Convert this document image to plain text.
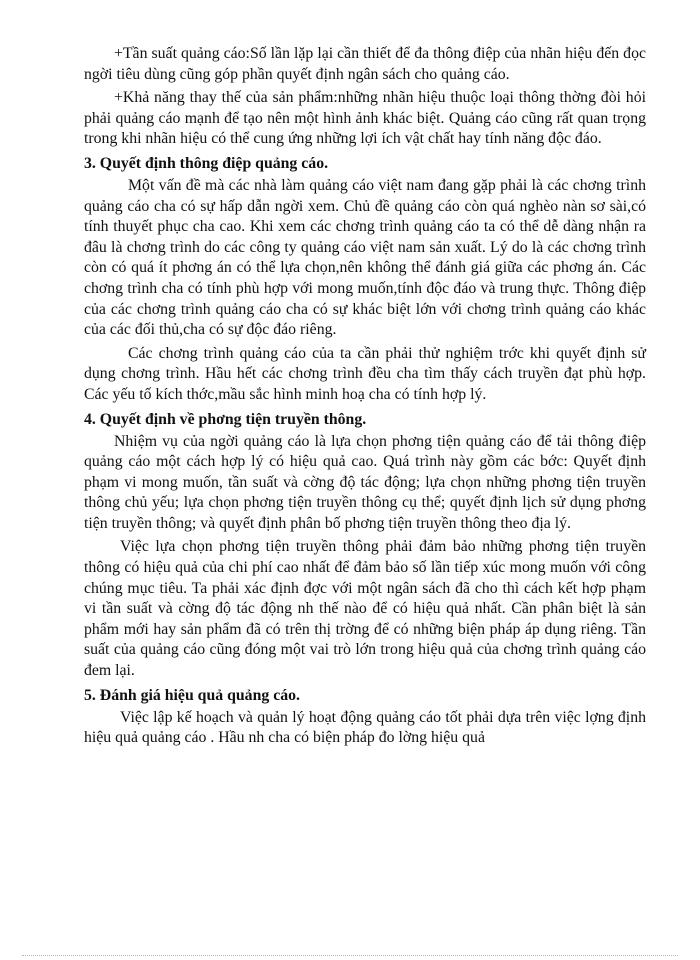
+Tần suất quảng cáo:Số lần lặp lại cần thiết để đa thông điệp của nhãn hiệu đến đọc ngời tiêu dùng cũng góp phần quyết định ngân sách cho quảng cáo.

+Khả năng thay thế của sản phẩm:những nhãn hiệu thuộc loại thông thờng đòi hỏi phải quảng cáo mạnh để tạo nên một hình ảnh khác biệt. Quảng cáo cũng rất quan trọng trong khi nhãn hiệu có thể cung ứng những lợi ích vật chất hay tính năng độc đáo.

3. Quyết định thông điệp quảng cáo.

Một vấn đề mà các nhà làm quảng cáo việt nam đang gặp phải là các chơng trình quảng cáo cha có sự hấp dẫn ngời xem. Chủ đề quảng cáo còn quá nghèo nàn sơ sài,có tính thuyết phục cha cao. Khi xem các chơng trình quảng cáo ta có thể dễ dàng nhận ra đâu là chơng trình do các công ty quảng cáo việt nam sản xuất. Lý do là các chơng trình còn có quá ít phơng án có thể lựa chọn,nên không thể đánh giá giữa các phơng án. Các chơng trình cha có tính phù hợp với mong muốn,tính độc đáo và trung thực. Thông điệp của các chơng trình quảng cáo cha có sự khác biệt lớn với chơng trình quảng cáo khác của các đối thủ,cha có sự độc đáo riêng.

Các chơng trình quảng cáo của ta cần phải thử nghiệm trớc khi quyết định sử dụng chơng trình. Hầu hết các chơng trình đều cha tìm thấy cách truyền đạt phù hợp. Các yếu tố kích thớc,mầu sắc hình minh hoạ cha có tính hợp lý.

4. Quyết định về phơng tiện truyền thông.

Nhiệm vụ của ngời quảng cáo là lựa chọn phơng tiện quảng cáo để tải thông điệp quảng cáo một cách hợp lý có hiệu quả cao. Quá trình này gồm các bớc: Quyết định phạm vi mong muốn, tần suất và cờng độ tác động; lựa chọn những phơng tiện truyền thông chủ yếu; lựa chọn phơng tiện truyền thông cụ thể; quyết định lịch sử dụng phơng tiện truyền thông; và quyết định phân bố phơng tiện truyền thông theo địa lý.

Việc lựa chọn phơng tiện truyền thông phải đảm bảo những phơng tiện truyền thông có hiệu quả của chi phí cao nhất để đảm bảo số lần tiếp xúc mong muốn với công chúng mục tiêu. Ta phải xác định đợc với một ngân sách đã cho thì cách kết hợp phạm vi tần suất và cờng độ tác động nh thế nào để có hiệu quả nhất. Cần phân biệt là sản phẩm mới hay sản phẩm đã có trên thị trờng để có những biện pháp áp dụng riêng. Tần suất của quảng cáo cũng đóng một vai trò lớn trong hiệu quả của chơng trình quảng cáo đem lại.

5. Đánh giá hiệu quả quảng cáo.

Việc lập kế hoạch và quản lý hoạt động quảng cáo tốt phải dựa trên việc lợng định hiệu quả quảng cáo . Hầu nh cha có biện pháp đo lờng hiệu quả
